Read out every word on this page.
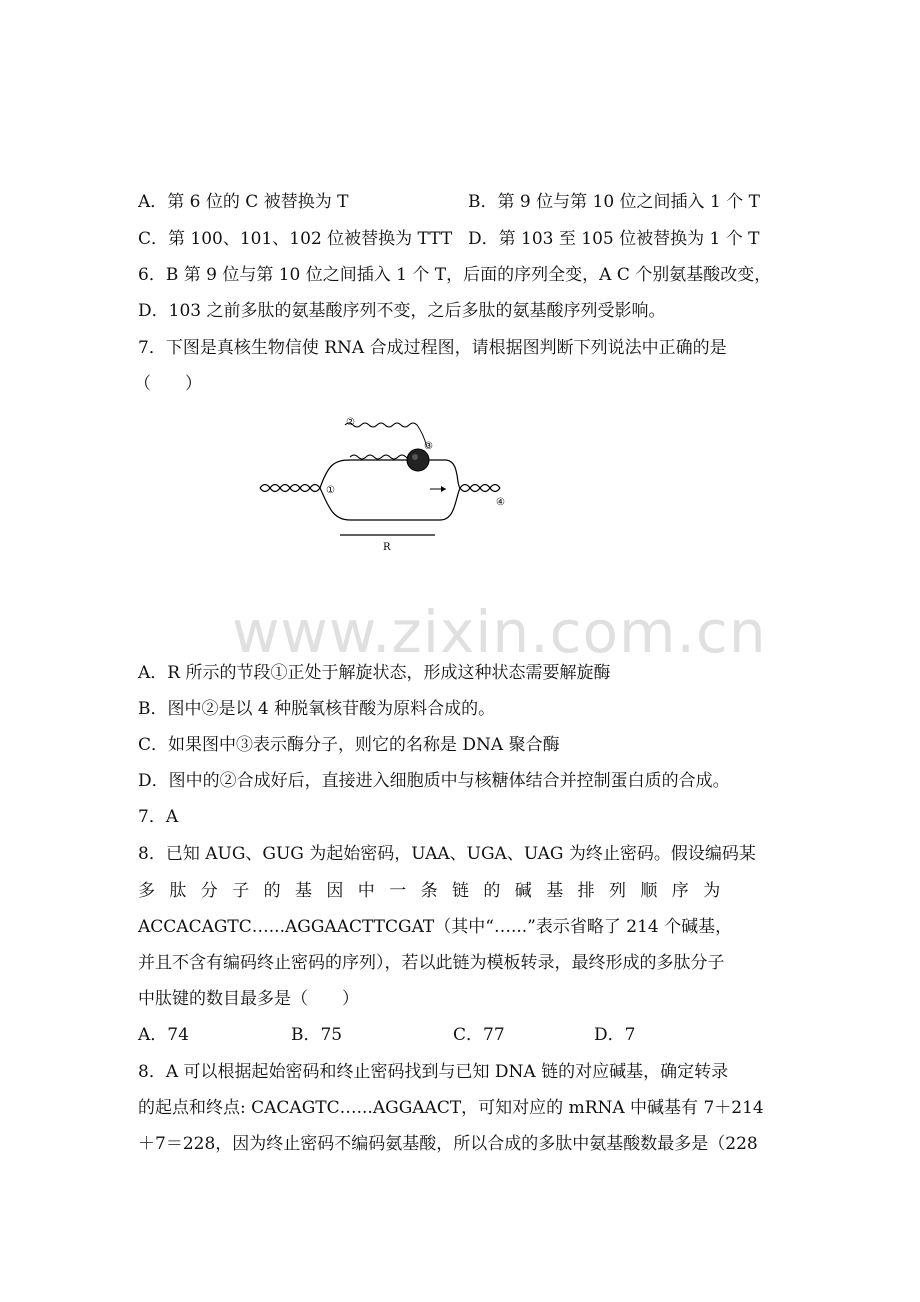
A．第 6 位的 C 被替换为 T	B．第 9 位与第 10 位之间插入 1 个 T
C．第 100、101、102 位被替换为 TTT D．第 103 至 105 位被替换为 1 个 T
6．B 第 9 位与第 10 位之间插入 1 个 T，后面的序列全变，A C 个别氨基酸改变，
D．103 之前多肽的氨基酸序列不变，之后多肽的氨基酸序列受影响。
7．下图是真核生物信使 RNA 合成过程图，请根据图判断下列说法中正确的是
（　　）
①
②
③
④
R
www.zixin.com.cn
A．R 所示的节段①正处于解旋状态，形成这种状态需要解旋酶
B．图中②是以 4 种脱氧核苷酸为原料合成的。
C．如果图中③表示酶分子，则它的名称是 DNA 聚合酶
D．图中的②合成好后，直接进入细胞质中与核糖体结合并控制蛋白质的合成。
7．A
8．已知 AUG、GUG 为起始密码，UAA、UGA、UAG 为终止密码。假设编码某
多肽分子的基因中一条链的碱基排列顺序为
ACCACAGTC…...AGGAACTTCGAT（其中“…...”表示省略了 214 个碱基，
并且不含有编码终止密码的序列），若以此链为模板转录，最终形成的多肽分子
中肽键的数目最多是（　　）
A．74	B．75	C．77	D．7
8．A 可以根据起始密码和终止密码找到与已知 DNA 链的对应碱基，确定转录
的起点和终点: CACAGTC…...AGGAACT，可知对应的 mRNA 中碱基有 7＋214
＋7＝228，因为终止密码不编码氨基酸，所以合成的多肽中氨基酸数最多是（228
